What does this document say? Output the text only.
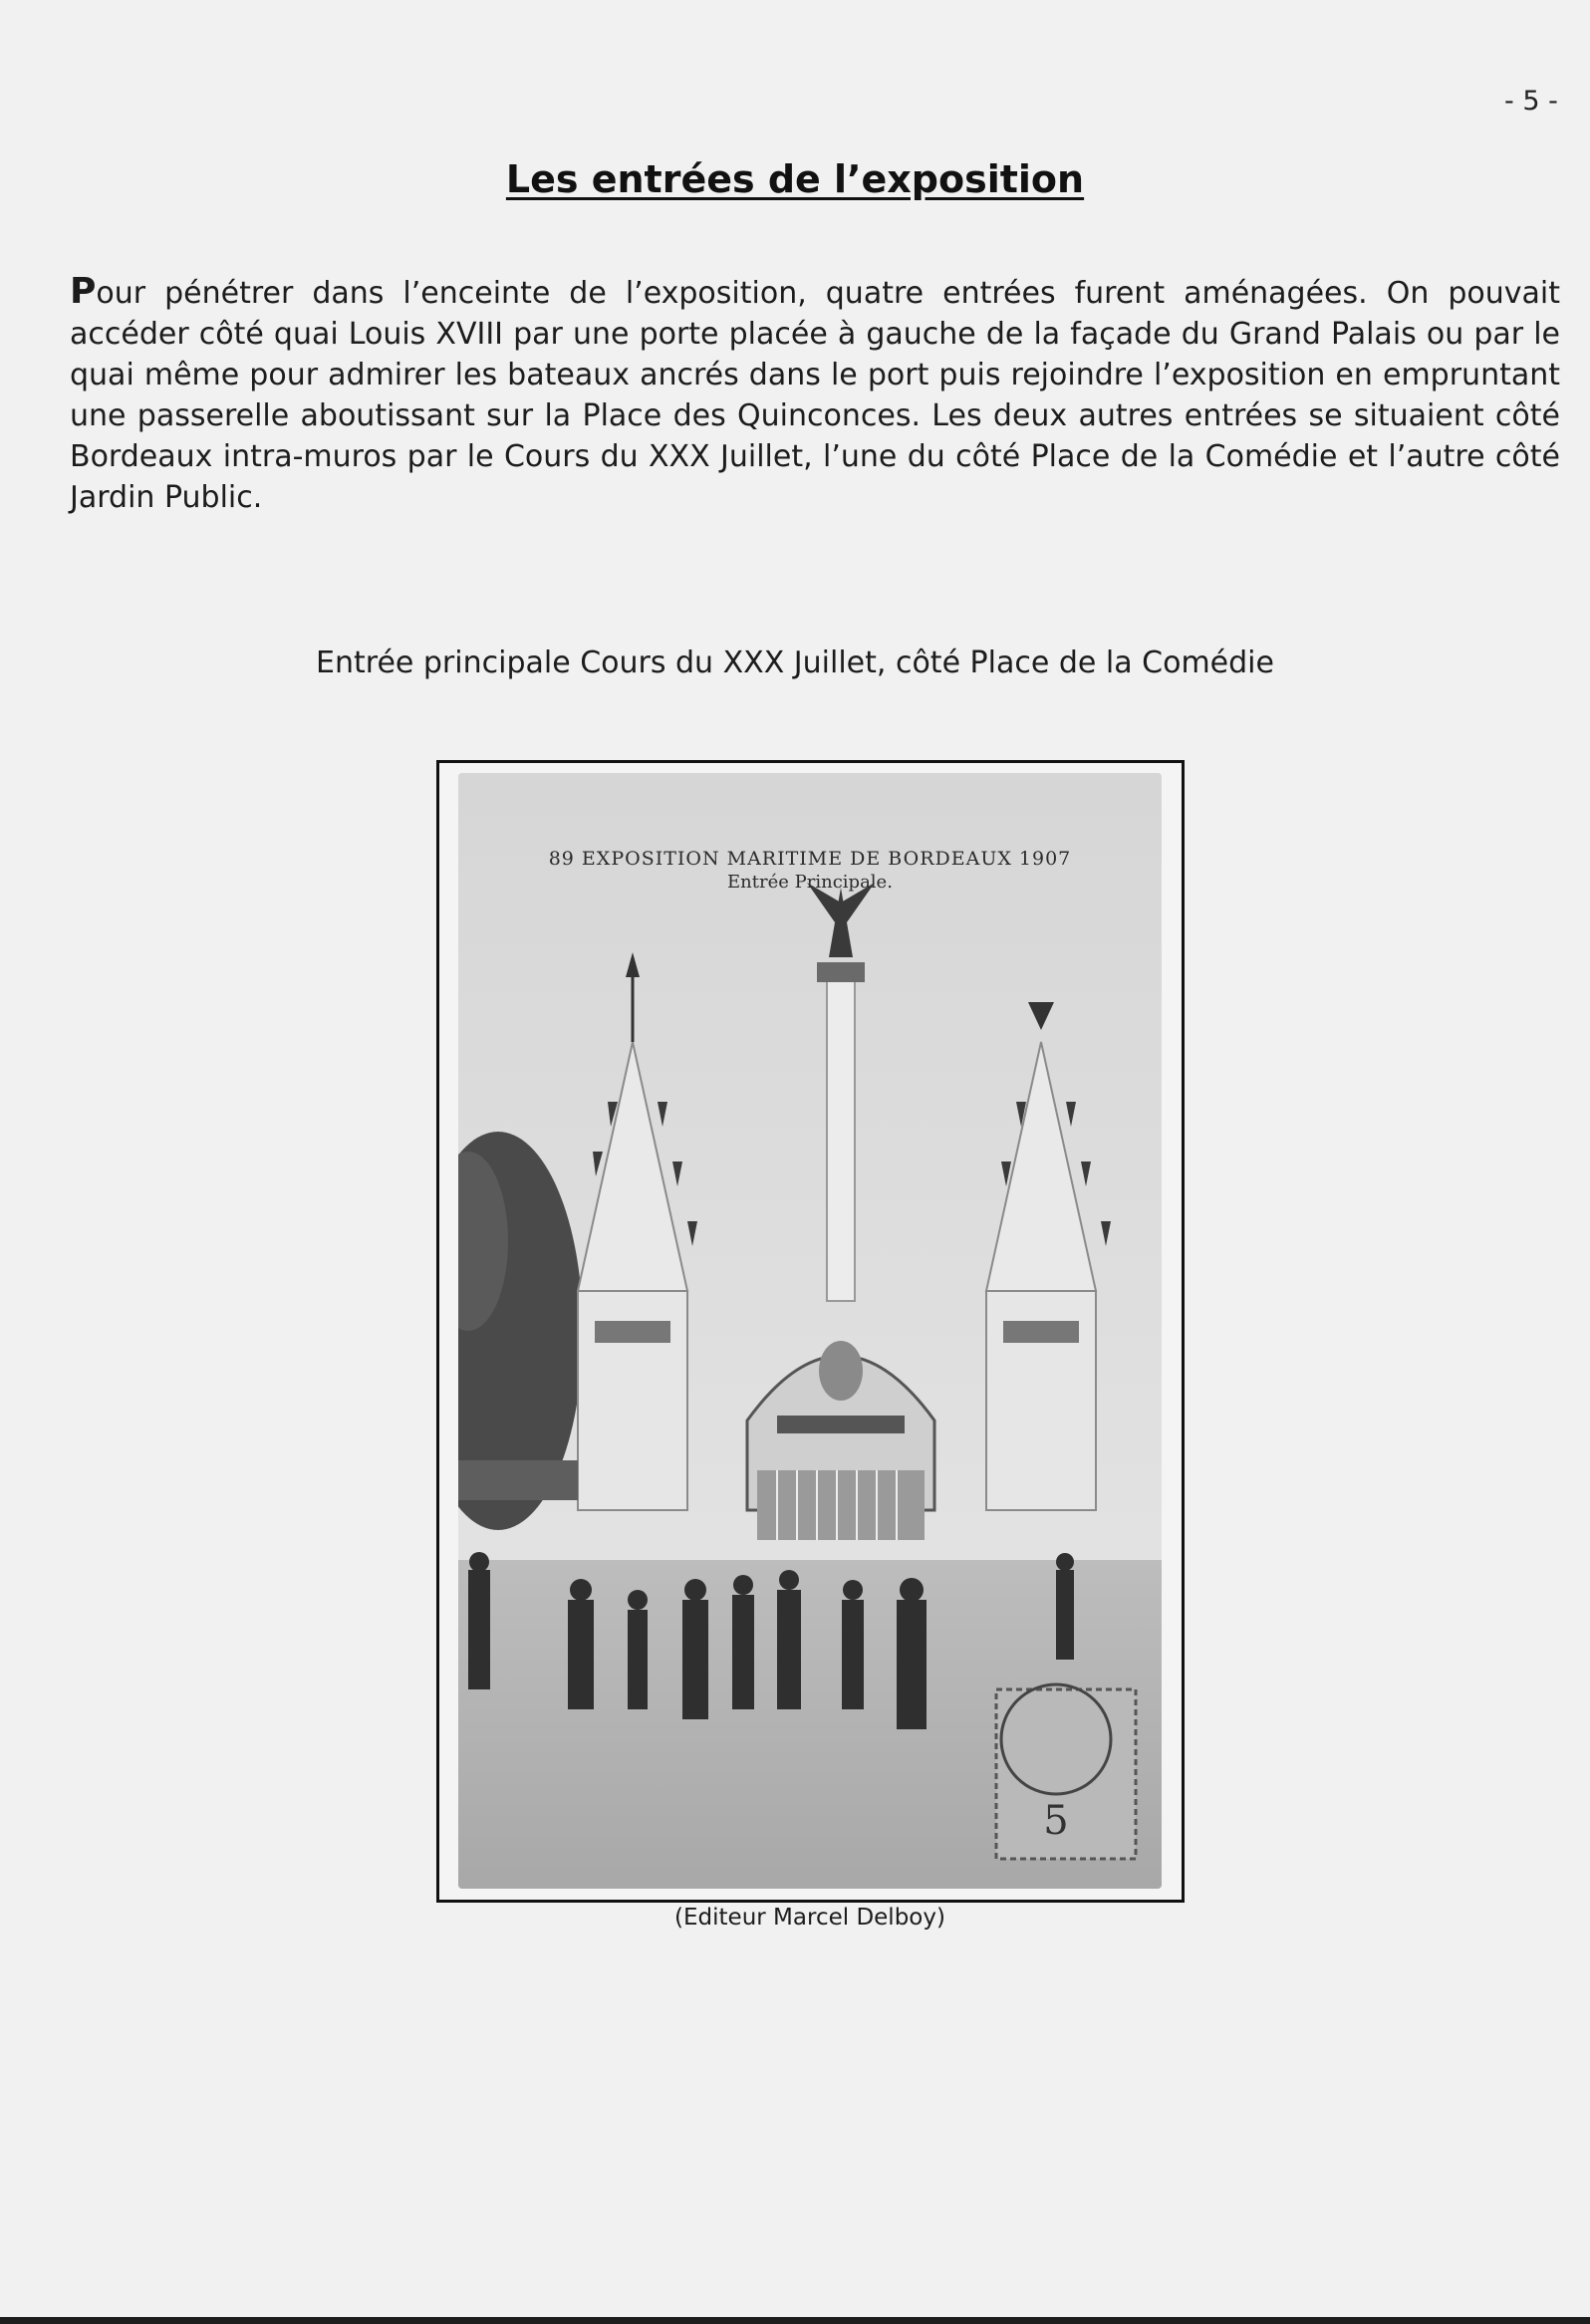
- 5 -
Les entrées de l’exposition
Pour pénétrer dans l’enceinte de l’exposition, quatre entrées furent aménagées. On pouvait accéder côté quai Louis XVIII par une porte placée à gauche de la façade du Grand Palais ou par le quai même pour admirer les bateaux ancrés dans le port puis rejoindre l’exposition en empruntant une passerelle aboutissant sur la Place des Quinconces. Les deux autres entrées se situaient côté Bordeaux intra-muros par le Cours du XXX Juillet, l’une du côté Place de la Comédie et l’autre côté Jardin Public.
Entrée principale Cours du XXX Juillet, côté Place de la Comédie
5
89 EXPOSITION MARITIME DE BORDEAUX 1907
Entrée Principale.
(Editeur Marcel Delboy)
